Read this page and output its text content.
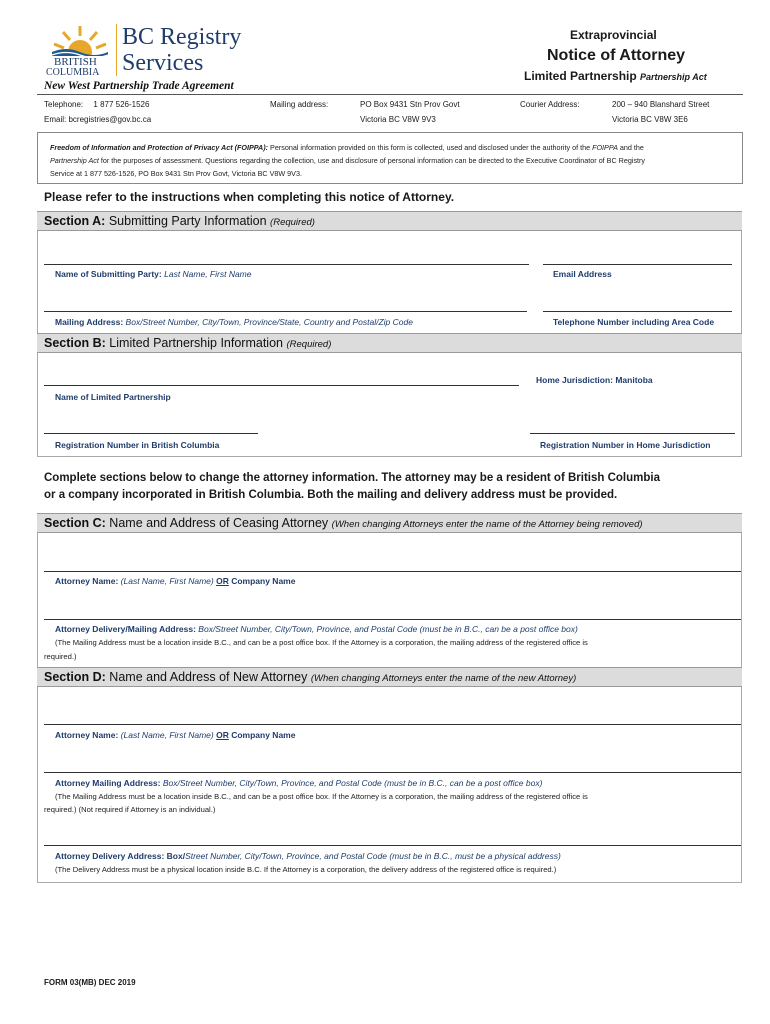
BRITISH
COLUMBIA
BC Registry
Services
Extraprovincial
Notice of Attorney
Limited Partnership Partnership Act
New West Partnership Trade Agreement
Telephone: 1 877 526-1526
Email: bcregistries@gov.bc.ca
Mailing address:	PO Box 9431 Stn Prov Govt
Victoria BC V8W 9V3
Courier Address:	200 – 940 Blanshard Street
Victoria BC V8W 3E6
Freedom of Information and Protection of Privacy Act (FOIPPA): Personal information provided on this form is collected, used and disclosed under the authority of the FOIPPA and the
Partnership Act for the purposes of assessment. Questions regarding the collection, use and disclosure of personal information can be directed to the Executive Coordinator of BC Registry
Service at 1 877 526-1526, PO Box 9431 Stn Prov Govt, Victoria BC V8W 9V3.
Please refer to the instructions when completing this notice of Attorney.
Section A: Submitting Party Information (Required)
Name of Submitting Party: Last Name, First Name	Email Address
Mailing Address: Box/Street Number, City/Town, Province/State, Country and Postal/Zip Code	Telephone Number including Area Code
Section B: Limited Partnership Information (Required)
Home Jurisdiction: Manitoba
Name of Limited Partnership
Registration Number in British Columbia	Registration Number in Home Jurisdiction
Complete sections below to change the attorney information. The attorney may be a resident of British Columbia
or a company incorporated in British Columbia. Both the mailing and delivery address must be provided.
Section C: Name and Address of Ceasing Attorney (When changing Attorneys enter the name of the Attorney being removed)
Attorney Name: (Last Name, First Name) OR Company Name
Attorney Delivery/Mailing Address: Box/Street Number, City/Town, Province, and Postal Code (must be in B.C., can be a post office box)
(The Mailing Address must be a location inside B.C., and can be a post office box. If the Attorney is a corporation, the mailing address of the registered office is
required.)
Section D: Name and Address of New Attorney (When changing Attorneys enter the name of the new Attorney)
Attorney Name: (Last Name, First Name) OR Company Name
Attorney Mailing Address: Box/Street Number, City/Town, Province, and Postal Code (must be in B.C., can be a post office box)
(The Mailing Address must be a location inside B.C., and can be a post office box. If the Attorney is a corporation, the mailing address of the registered office is
required.) (Not required if Attorney is an individual.)
Attorney Delivery Address: Box/Street Number, City/Town, Province, and Postal Code (must be in B.C., must be a physical address)
(The Delivery Address must be a physical location inside B.C. If the Attorney is a corporation, the delivery address of the registered office is required.)
FORM 03(MB) DEC 2019
